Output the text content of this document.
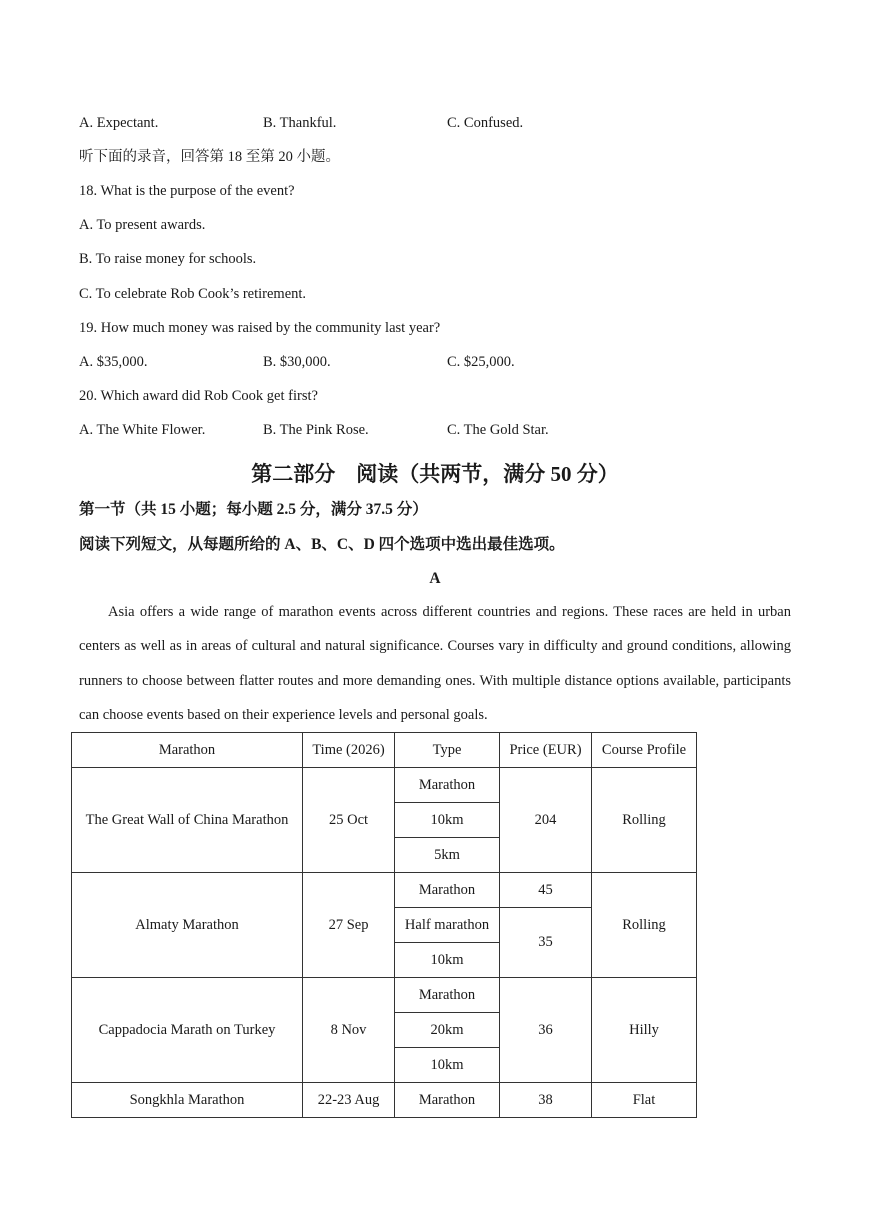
A. Expectant.	B. Thankful.	C. Confused.
听下面的录音，回答第 18 至第 20 小题。
18. What is the purpose of the event?
A. To present awards.
B. To raise money for schools.
C. To celebrate Rob Cook’s retirement.
19. How much money was raised by the community last year?
A. $35,000.	B. $30,000.	C. $25,000.
20. Which award did Rob Cook get first?
A. The White Flower.	B. The Pink Rose.	C. The Gold Star.
第二部分　阅读（共两节，满分 50 分）
第一节（共 15 小题；每小题 2.5 分，满分 37.5 分）
阅读下列短文，从每题所给的 A、B、C、D 四个选项中选出最佳选项。
A
Asia offers a wide range of marathon events across different countries and regions. These races are held in urban centers as well as in areas of cultural and natural significance. Courses vary in difficulty and ground conditions, allowing runners to choose between flatter routes and more demanding ones. With multiple distance options available, participants can choose events based on their experience levels and personal goals.
Marathon	Time (2026)	Type	Price (EUR)	Course Profile
The Great Wall of China Marathon	25 Oct	Marathon	204	Rolling
		10km		
		5km		
Almaty Marathon	27 Sep	Marathon	45	Rolling
		Half marathon	35	
		10km		
Cappadocia Marath on Turkey	8 Nov	Marathon	36	Hilly
		20km		
		10km		
Songkhla Marathon	22-23 Aug	Marathon	38	Flat
